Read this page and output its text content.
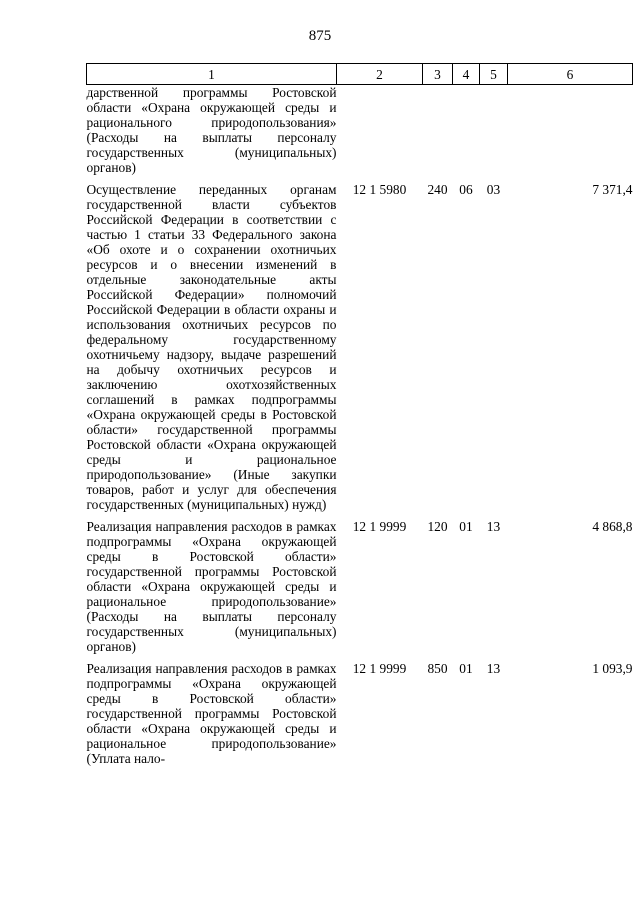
875
1	2	3	4	5	6
дарственной программы Ростовской области «Охрана окружающей среды и рационального природопользования» (Расходы на выплаты персоналу государственных (муниципальных) органов)					
Осуществление переданных органам государственной власти субъектов Российской Федерации в соответствии с частью 1 статьи 33 Федерального закона «Об охоте и о сохранении охотничьих ресурсов и о внесении изменений в отдельные законодательные акты Российской Федерации» полномочий Российской Федерации в области охраны и использования охотничьих ресурсов по федеральному государственному охотничьему надзору, выдаче разрешений на добычу охотничьих ресурсов и заключению охотхозяйственных соглашений в рамках подпрограммы «Охрана окружающей среды в Ростовской области» государственной программы Ростовской области «Охрана окружающей среды и рациональное природопользование» (Иные закупки товаров, работ и услуг для обеспечения государственных (муниципальных) нужд)	12 1 5980	240	06	03	7 371,4
Реализация направления расходов в рамках подпрограммы «Охрана окружающей среды в Ростовской области» государственной программы Ростовской области «Охрана окружающей среды и рациональное природопользование» (Расходы на выплаты персоналу государственных (муниципальных) органов)	12 1 9999	120	01	13	4 868,8
Реализация направления расходов в рамках подпрограммы «Охрана окружающей среды в Ростовской области» государственной программы Ростовской области «Охрана окружающей среды и рациональное природопользование» (Уплата нало-	12 1 9999	850	01	13	1 093,9
